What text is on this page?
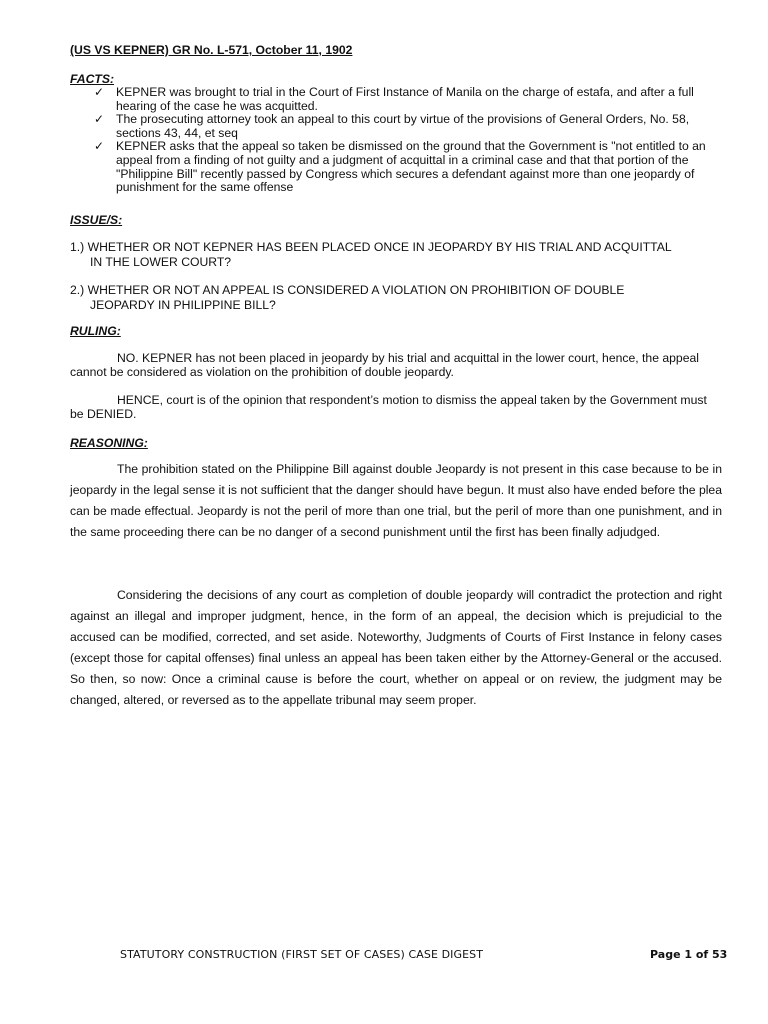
(US VS KEPNER) GR No. L-571, October 11, 1902
FACTS:
✓ KEPNER was brought to trial in the Court of First Instance of Manila on the charge of estafa, and after a full hearing of the case he was acquitted.
✓ The prosecuting attorney took an appeal to this court by virtue of the provisions of General Orders, No. 58, sections 43, 44, et seq
✓ KEPNER asks that the appeal so taken be dismissed on the ground that the Government is "not entitled to an appeal from a finding of not guilty and a judgment of acquittal in a criminal case and that that portion of the "Philippine Bill" recently passed by Congress which secures a defendant against more than one jeopardy of punishment for the same offense
ISSUE/S:
1.) WHETHER OR NOT KEPNER HAS BEEN PLACED ONCE IN JEOPARDY BY HIS TRIAL AND ACQUITTAL
IN THE LOWER COURT?
2.) WHETHER OR NOT AN APPEAL IS CONSIDERED A VIOLATION ON PROHIBITION OF DOUBLE
JEOPARDY IN PHILIPPINE BILL?
RULING:

NO. KEPNER has not been placed in jeopardy by his trial and acquittal in the lower court, hence, the appeal cannot be considered as violation on the prohibition of double jeopardy.

HENCE, court is of the opinion that respondent’s motion to dismiss the appeal taken by the Government must be DENIED.

REASONING:

The prohibition stated on the Philippine Bill against double Jeopardy is not present in this case because to be in jeopardy in the legal sense it is not sufficient that the danger should have begun. It must also have ended before the plea can be made effectual. Jeopardy is not the peril of more than one trial, but the peril of more than one punishment, and in the same proceeding there can be no danger of a second punishment until the first has been finally adjudged.

Considering the decisions of any court as completion of double jeopardy will contradict the protection and right against an illegal and improper judgment, hence, in the form of an appeal, the decision which is prejudicial to the accused can be modified, corrected, and set aside. Noteworthy, Judgments of Courts of First Instance in felony cases (except those for capital offenses) final unless an appeal has been taken either by the Attorney-General or the accused. So then, so now: Once a criminal cause is before the court, whether on appeal or on review, the judgment may be changed, altered, or reversed as to the appellate tribunal may seem proper.

STATUTORY CONSTRUCTION (FIRST SET OF CASES) CASE DIGEST	Page 1 of 53
